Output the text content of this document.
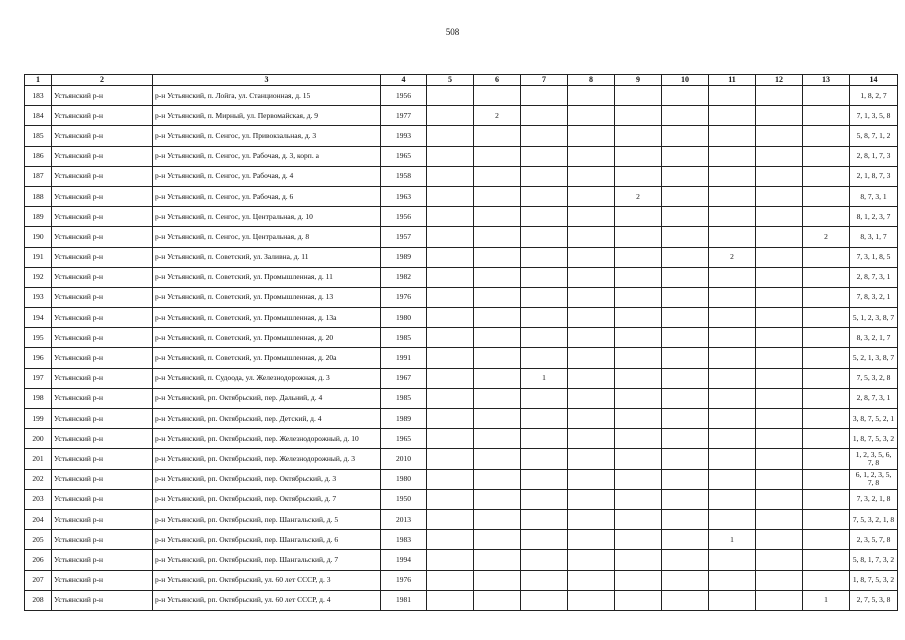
508
1	2	3	4	5	6	7	8	9	10	11	12	13	14
183	Устьянский р-н	р-н Устьянский, п. Лойга, ул. Станционная, д. 15	1956										1, 8, 2, 7
184	Устьянский р-н	р-н Устьянский, п. Мирный, ул. Первомайская, д. 9	1977		2								7, 1, 3, 5, 8
185	Устьянский р-н	р-н Устьянский, п. Сенгос, ул. Привокзальная, д. 3	1993										5, 8, 7, 1, 2
186	Устьянский р-н	р-н Устьянский, п. Сенгос, ул. Рабочая, д. 3, корп. а	1965										2, 8, 1, 7, 3
187	Устьянский р-н	р-н Устьянский, п. Сенгос, ул. Рабочая, д. 4	1958										2, 1, 8, 7, 3
188	Устьянский р-н	р-н Устьянский, п. Сенгос, ул. Рабочая, д. 6	1963					2					8, 7, 3, 1
189	Устьянский р-н	р-н Устьянский, п. Сенгос, ул. Центральная, д. 10	1956										8, 1, 2, 3, 7
190	Устьянский р-н	р-н Устьянский, п. Сенгос, ул. Центральная, д. 8	1957									2	8, 3, 1, 7
191	Устьянский р-н	р-н Устьянский, п. Советский, ул. Заливна, д. 11	1989							2			7, 3, 1, 8, 5
192	Устьянский р-н	р-н Устьянский, п. Советский, ул. Промышленная, д. 11	1982										2, 8, 7, 3, 1
193	Устьянский р-н	р-н Устьянский, п. Советский, ул. Промышленная, д. 13	1976										7, 8, 3, 2, 1
194	Устьянский р-н	р-н Устьянский, п. Советский, ул. Промышленная, д. 13а	1980										5, 1, 2, 3, 8, 7
195	Устьянский р-н	р-н Устьянский, п. Советский, ул. Промышленная, д. 20	1985										8, 3, 2, 1, 7
196	Устьянский р-н	р-н Устьянский, п. Советский, ул. Промышленная, д. 20а	1991										5, 2, 1, 3, 8, 7
197	Устьянский р-н	р-н Устьянский, п. Судоода, ул. Железнодорожная, д. 3	1967			1							7, 5, 3, 2, 8
198	Устьянский р-н	р-н Устьянский, рп. Октябрьский, пер. Дальний, д. 4	1985										2, 8, 7, 3, 1
199	Устьянский р-н	р-н Устьянский, рп. Октябрьский, пер. Детский, д. 4	1989										3, 8, 7, 5, 2, 1
200	Устьянский р-н	р-н Устьянский, рп. Октябрьский, пер. Железнодорожный, д. 10	1965										1, 8, 7, 5, 3, 2
201	Устьянский р-н	р-н Устьянский, рп. Октябрьский, пер. Железнодорожный, д. 3	2010										1, 2, 3, 5, 6, 7, 8
202	Устьянский р-н	р-н Устьянский, рп. Октябрьский, пер. Октябрьский, д. 3	1980										6, 1, 2, 3, 5, 7, 8
203	Устьянский р-н	р-н Устьянский, рп. Октябрьский, пер. Октябрьский, д. 7	1950										7, 3, 2, 1, 8
204	Устьянский р-н	р-н Устьянский, рп. Октябрьский, пер. Шангальский, д. 5	2013										7, 5, 3, 2, 1, 8
205	Устьянский р-н	р-н Устьянский, рп. Октябрьский, пер. Шангальский, д. 6	1983							1			2, 3, 5, 7, 8
206	Устьянский р-н	р-н Устьянский, рп. Октябрьский, пер. Шангальский, д. 7	1994										5, 8, 1, 7, 3, 2
207	Устьянский р-н	р-н Устьянский, рп. Октябрьский, ул. 60 лет СССР, д. 3	1976										1, 8, 7, 5, 3, 2
208	Устьянский р-н	р-н Устьянский, рп. Октябрьский, ул. 60 лет СССР, д. 4	1981									1	2, 7, 5, 3, 8
